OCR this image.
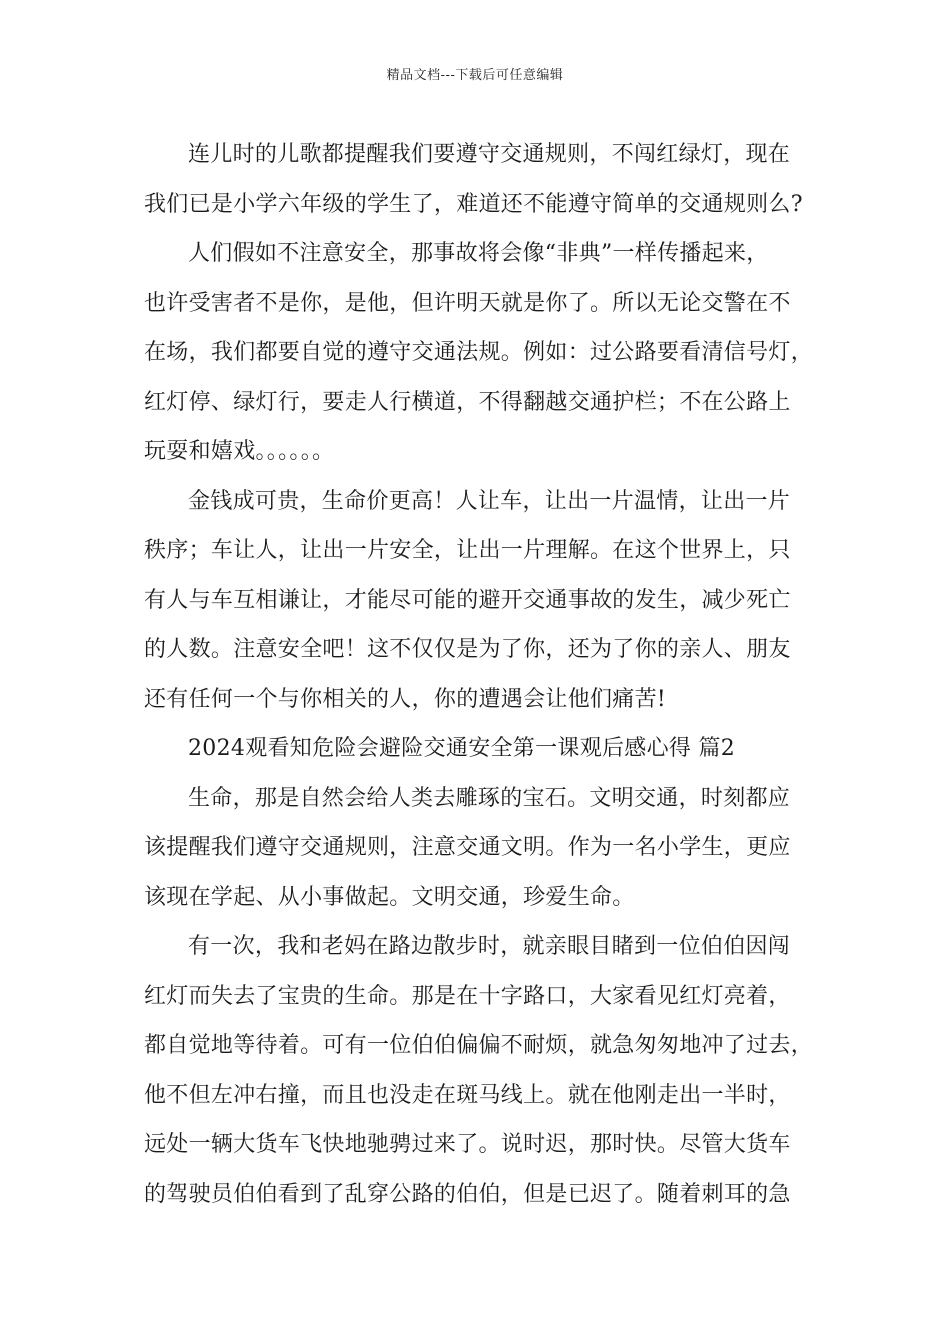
精品文档---下载后可任意编辑
连儿时的儿歌都提醒我们要遵守交通规则，不闯红绿灯，现在
我们已是小学六年级的学生了，难道还不能遵守简单的交通规则么?
人们假如不注意安全，那事故将会像“非典”一样传播起来，
也许受害者不是你，是他，但许明天就是你了。所以无论交警在不
在场，我们都要自觉的遵守交通法规。例如：过公路要看清信号灯，
红灯停、绿灯行，要走人行横道，不得翻越交通护栏；不在公路上
玩耍和嬉戏。。。。。。
金钱成可贵，生命价更高！人让车，让出一片温情，让出一片
秩序；车让人，让出一片安全，让出一片理解。在这个世界上，只
有人与车互相谦让，才能尽可能的避开交通事故的发生，减少死亡
的人数。注意安全吧！这不仅仅是为了你，还为了你的亲人、朋友
还有任何一个与你相关的人，你的遭遇会让他们痛苦!
2024观看知危险会避险交通安全第一课观后感心得 篇2
生命，那是自然会给人类去雕琢的宝石。文明交通，时刻都应
该提醒我们遵守交通规则，注意交通文明。作为一名小学生，更应
该现在学起、从小事做起。文明交通，珍爱生命。
有一次，我和老妈在路边散步时，就亲眼目睹到一位伯伯因闯
红灯而失去了宝贵的生命。那是在十字路口，大家看见红灯亮着，
都自觉地等待着。可有一位伯伯偏偏不耐烦，就急匆匆地冲了过去，
他不但左冲右撞，而且也没走在斑马线上。就在他刚走出一半时，
远处一辆大货车飞快地驰骋过来了。说时迟，那时快。尽管大货车
的驾驶员伯伯看到了乱穿公路的伯伯，但是已迟了。随着刺耳的急
